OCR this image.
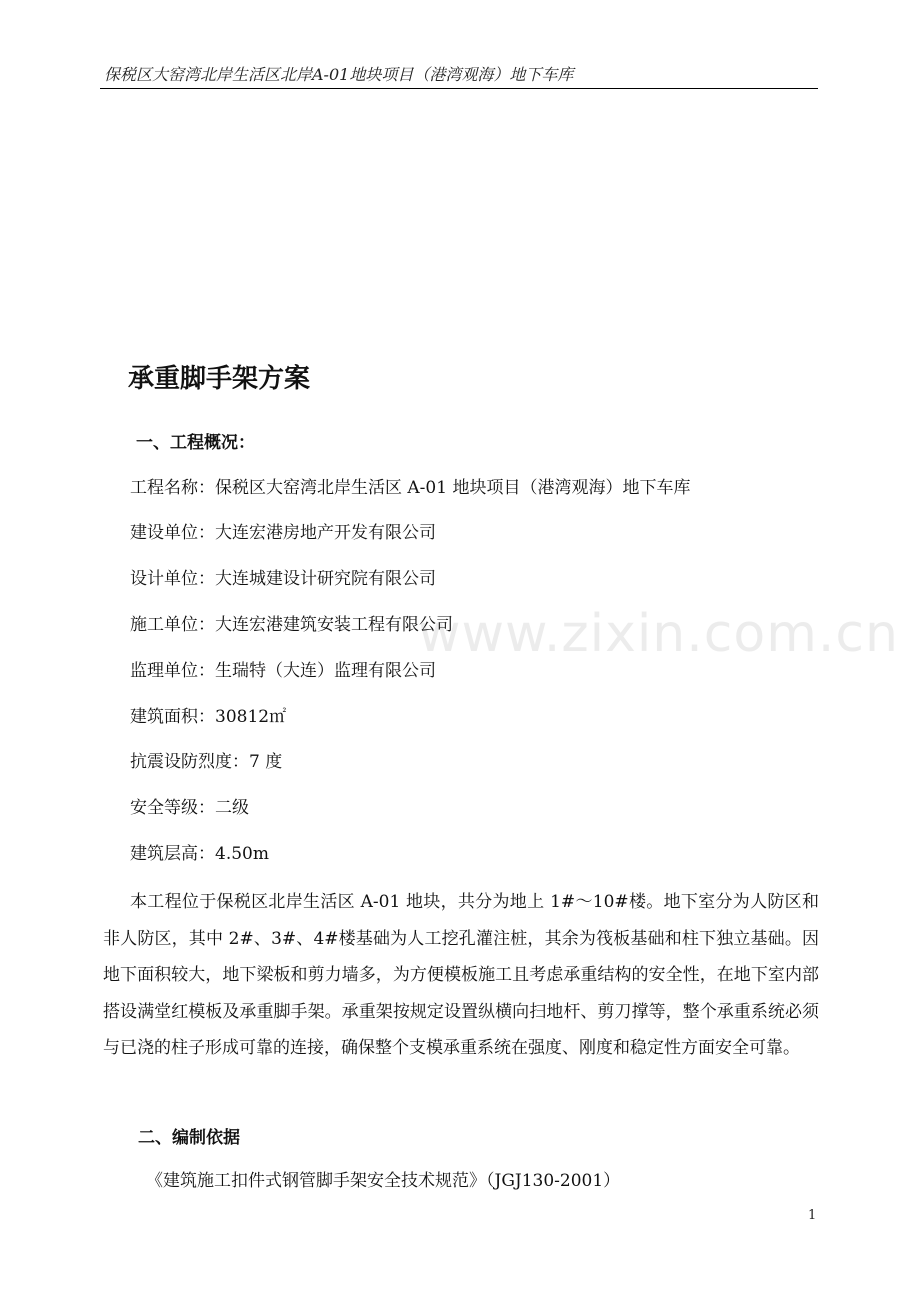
保税区大窑湾北岸生活区北岸A-01地块项目（港湾观海）地下车库
www.zixin.com.cn
承重脚手架方案
一、工程概况：
工程名称：保税区大窑湾北岸生活区 A-01 地块项目（港湾观海）地下车库
建设单位：大连宏港房地产开发有限公司
设计单位：大连城建设计研究院有限公司
施工单位：大连宏港建筑安装工程有限公司
监理单位：生瑞特（大连）监理有限公司
建筑面积：30812㎡
抗震设防烈度：7 度
安全等级：二级
建筑层高：4.50m

本工程位于保税区北岸生活区 A-01 地块，共分为地上 1#～10#楼。地下室分为人防区和非人防区，其中 2#、3#、4#楼基础为人工挖孔灌注桩，其余为筏板基础和柱下独立基础。因地下面积较大，地下梁板和剪力墙多，为方便模板施工且考虑承重结构的安全性，在地下室内部搭设满堂红模板及承重脚手架。承重架按规定设置纵横向扫地杆、剪刀撑等，整个承重系统必须与已浇的柱子形成可靠的连接，确保整个支模承重系统在强度、刚度和稳定性方面安全可靠。

二、编制依据
《建筑施工扣件式钢管脚手架安全技术规范》（JGJ130-2001）
1
